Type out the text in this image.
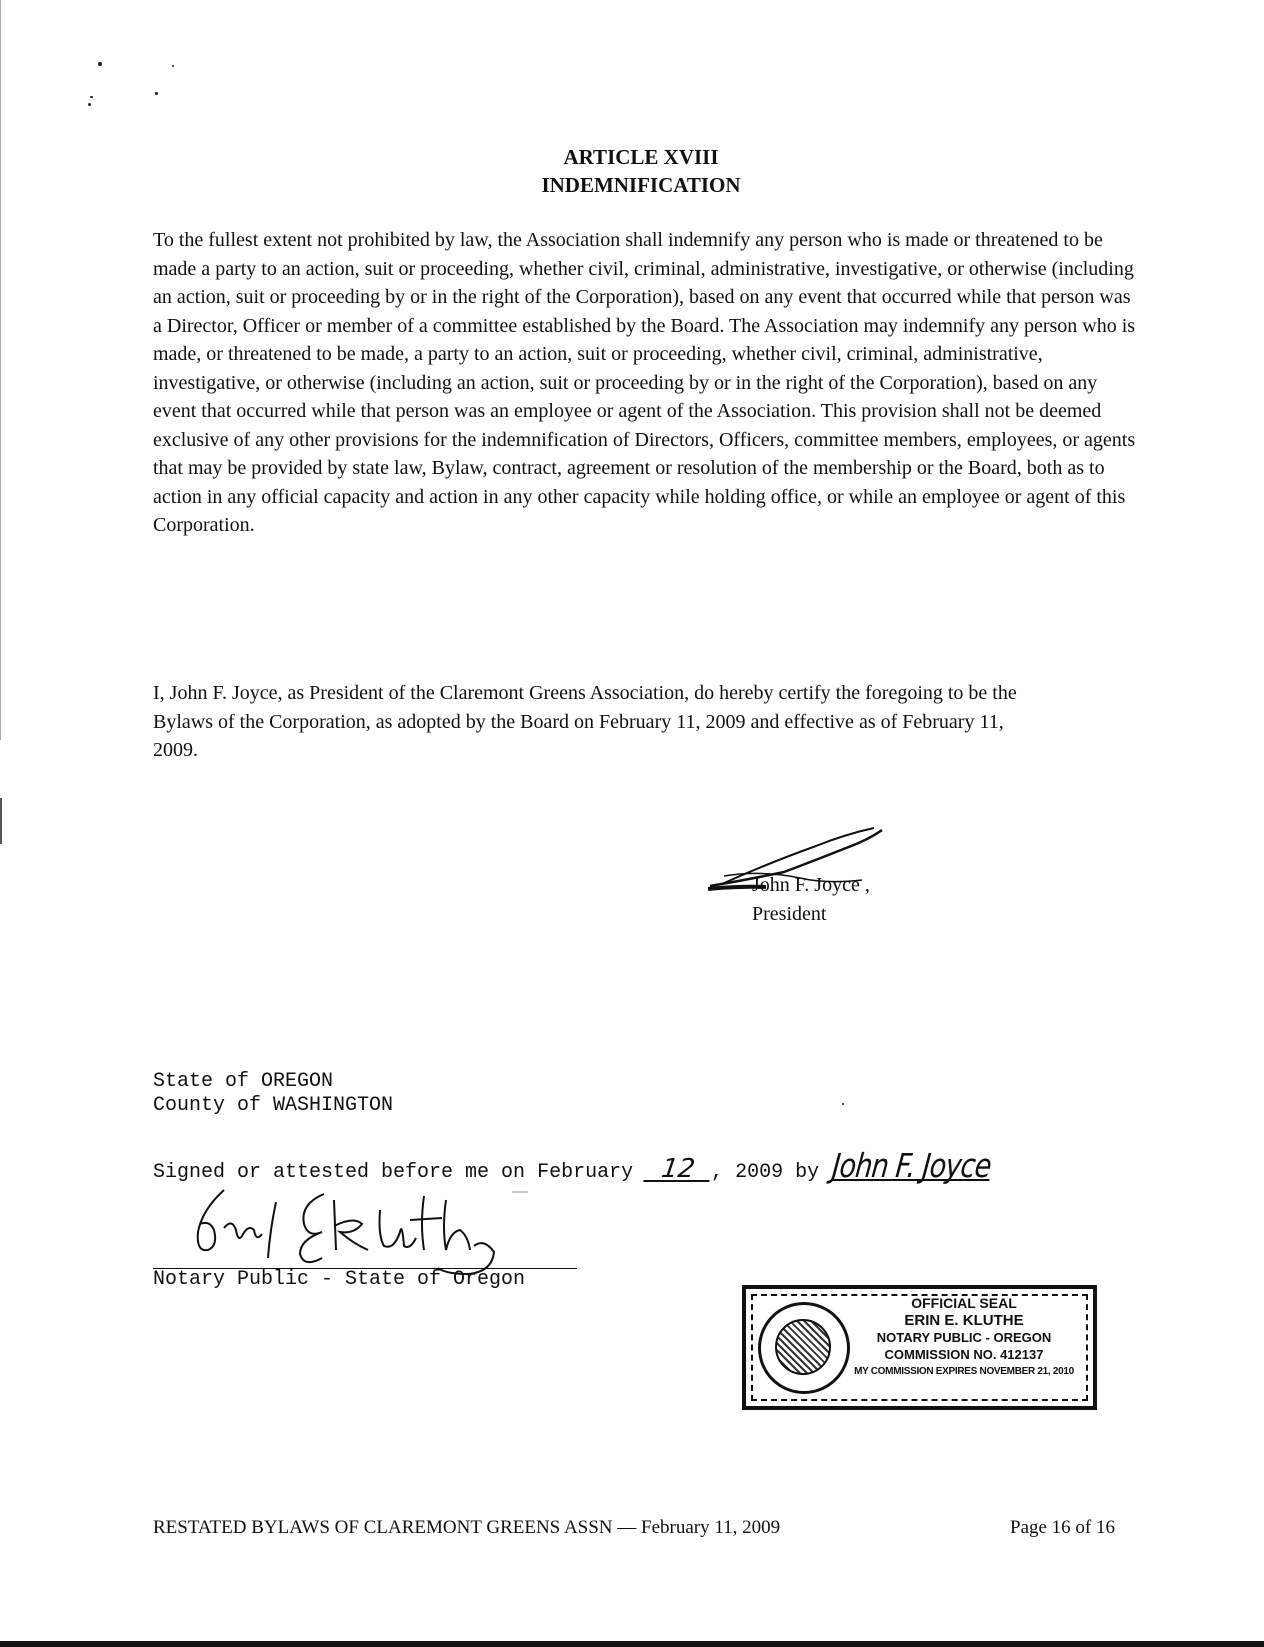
ARTICLE XVIII
INDEMNIFICATION

To the fullest extent not prohibited by law, the Association shall indemnify any person who is made or threatened to be made a party to an action, suit or proceeding, whether civil, criminal, administrative, investigative, or otherwise (including an action, suit or proceeding by or in the right of the Corporation), based on any event that occurred while that person was a Director, Officer or member of a committee established by the Board. The Association may indemnify any person who is made, or threatened to be made, a party to an action, suit or proceeding, whether civil, criminal, administrative, investigative, or otherwise (including an action, suit or proceeding by or in the right of the Corporation), based on any event that occurred while that person was an employee or agent of the Association. This provision shall not be deemed exclusive of any other provisions for the indemnification of Directors, Officers, committee members, employees, or agents that may be provided by state law, Bylaw, contract, agreement or resolution of the membership or the Board, both as to action in any official capacity and action in any other capacity while holding office, or while an employee or agent of this Corporation.

I, John F. Joyce, as President of the Claremont Greens Association, do hereby certify the foregoing to be the Bylaws of the Corporation, as adopted by the Board on February 11, 2009 and effective as of February 11, 2009.

John F. Joyce ,
President
State of OREGON
County of WASHINGTON
Signed or attested before me on February 12 , 2009 by John F. Joyce
Notary Public - State of Oregon
OFFICIAL SEAL
ERIN E. KLUTHE
NOTARY PUBLIC - OREGON
COMMISSION NO. 412137
MY COMMISSION EXPIRES NOVEMBER 21, 2010
RESTATED BYLAWS OF CLAREMONT GREENS ASSN — February 11, 2009	Page 16 of 16
